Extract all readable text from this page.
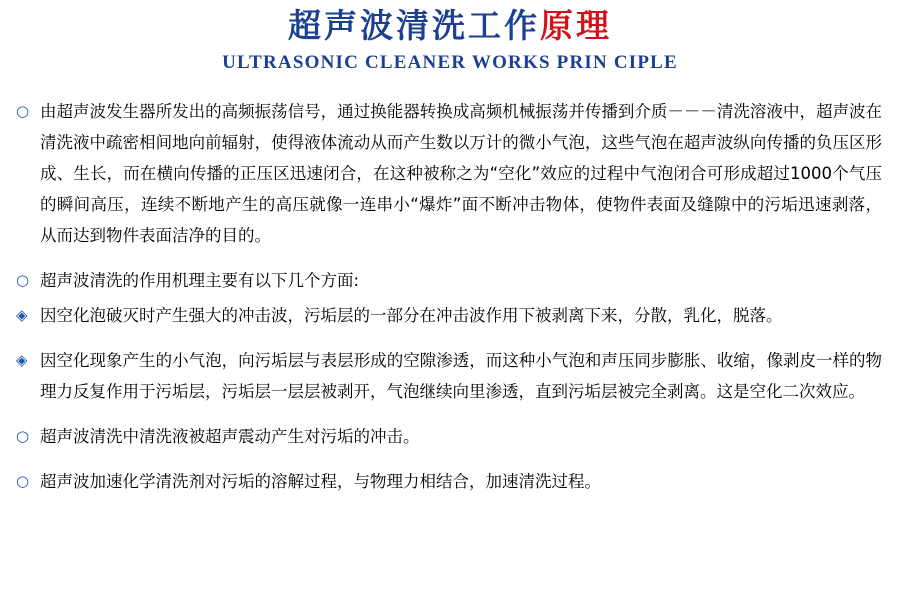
超声波清洗工作原理
ULTRASONIC CLEANER WORKS PRIN CIPLE
○ 由超声波发生器所发出的高频振荡信号，通过换能器转换成高频机械振荡并传播到介质－－－清洗溶液中，超声波在清洗液中疏密相间地向前辐射，使得液体流动从而产生数以万计的微小气泡，这些气泡在超声波纵向传播的负压区形成、生长，而在横向传播的正压区迅速闭合，在这种被称之为“空化”效应的过程中气泡闭合可形成超过1000个气压的瞬间高压，连续不断地产生的高压就像一连串小“爆炸”面不断冲击物体，使物件表面及缝隙中的污垢迅速剥落，从而达到物件表面洁净的目的。
○ 超声波清洗的作用机理主要有以下几个方面:
◈ 因空化泡破灭时产生强大的冲击波，污垢层的一部分在冲击波作用下被剥离下来，分散，乳化，脱落。
◈ 因空化现象产生的小气泡，向污垢层与表层形成的空隙渗透，而这种小气泡和声压同步膨胀、收缩，像剥皮一样的物理力反复作用于污垢层，污垢层一层层被剥开，气泡继续向里渗透，直到污垢层被完全剥离。这是空化二次效应。
○ 超声波清洗中清洗液被超声震动产生对污垢的冲击。
○ 超声波加速化学清洗剂对污垢的溶解过程，与物理力相结合，加速清洗过程。
